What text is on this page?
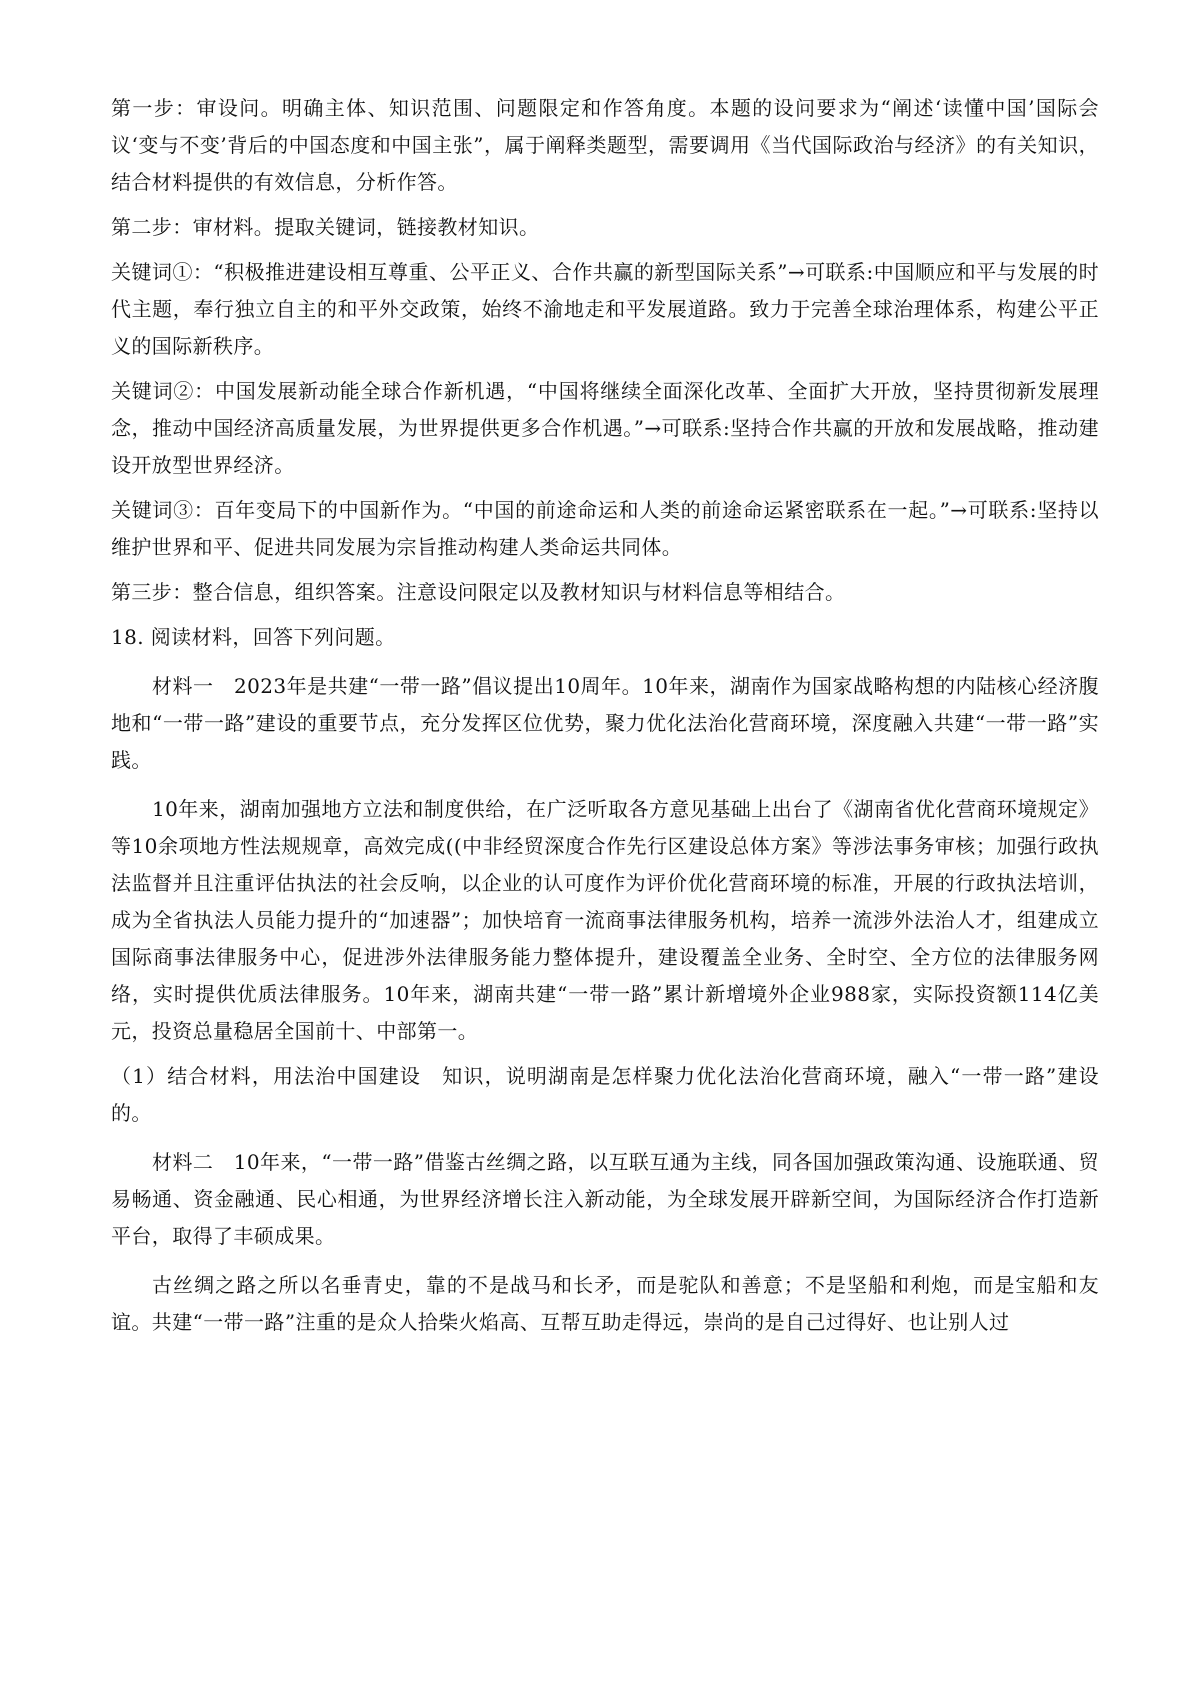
第一步：审设问。明确主体、知识范围、问题限定和作答角度。本题的设问要求为“阐述‘读懂中国’国际会议‘变与不变’背后的中国态度和中国主张”，属于阐释类题型，需要调用《当代国际政治与经济》的有关知识，结合材料提供的有效信息，分析作答。

第二步：审材料。提取关键词，链接教材知识。

关键词①：“积极推进建设相互尊重、公平正义、合作共赢的新型国际关系”→可联系:中国顺应和平与发展的时代主题，奉行独立自主的和平外交政策，始终不渝地走和平发展道路。致力于完善全球治理体系，构建公平正义的国际新秩序。

关键词②：中国发展新动能全球合作新机遇，“中国将继续全面深化改革、全面扩大开放，坚持贯彻新发展理念，推动中国经济高质量发展，为世界提供更多合作机遇。”→可联系:坚持合作共赢的开放和发展战略，推动建设开放型世界经济。

关键词③：百年变局下的中国新作为。“中国的前途命运和人类的前途命运紧密联系在一起。”→可联系:坚持以维护世界和平、促进共同发展为宗旨推动构建人类命运共同体。

第三步：整合信息，组织答案。注意设问限定以及教材知识与材料信息等相结合。

18. 阅读材料，回答下列问题。

材料一　2023年是共建“一带一路”倡议提出10周年。10年来，湖南作为国家战略构想的内陆核心经济腹地和“一带一路”建设的重要节点，充分发挥区位优势，聚力优化法治化营商环境，深度融入共建“一带一路”实践。

10年来，湖南加强地方立法和制度供给，在广泛听取各方意见基础上出台了《湖南省优化营商环境规定》等10余项地方性法规规章，高效完成((中非经贸深度合作先行区建设总体方案》等涉法事务审核；加强行政执法监督并且注重评估执法的社会反响，以企业的认可度作为评价优化营商环境的标准，开展的行政执法培训，成为全省执法人员能力提升的“加速器”；加快培育一流商事法律服务机构，培养一流涉外法治人才，组建成立国际商事法律服务中心，促进涉外法律服务能力整体提升，建设覆盖全业务、全时空、全方位的法律服务网络，实时提供优质法律服务。10年来，湖南共建“一带一路”累计新增境外企业988家，实际投资额114亿美元，投资总量稳居全国前十、中部第一。

（1）结合材料，用法治中国建设　知识，说明湖南是怎样聚力优化法治化营商环境，融入“一带一路”建设的。

材料二　10年来，“一带一路”借鉴古丝绸之路，以互联互通为主线，同各国加强政策沟通、设施联通、贸易畅通、资金融通、民心相通，为世界经济增长注入新动能，为全球发展开辟新空间，为国际经济合作打造新平台，取得了丰硕成果。

古丝绸之路之所以名垂青史，靠的不是战马和长矛，而是驼队和善意；不是坚船和利炮，而是宝船和友谊。共建“一带一路”注重的是众人拾柴火焰高、互帮互助走得远，崇尚的是自己过得好、也让别人过
